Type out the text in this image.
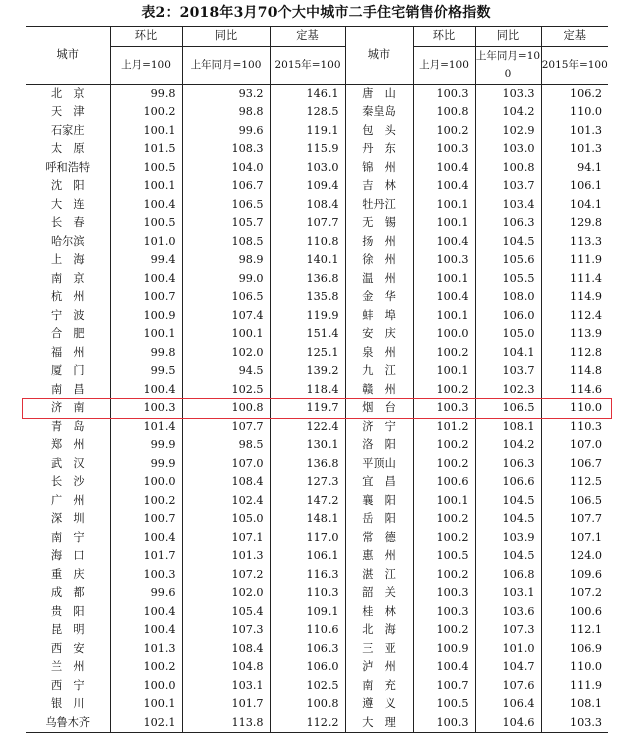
表2：2018年3月70个大中城市二手住宅销售价格指数
城市	环比	同比	定基	城市	环比	同比	定基
	上月=100	上年同月=100	2015年=100		上月=100	上年同月=10 0	2015年=100
北　京	99.8	93.2	146.1	唐　山	100.3	103.3	106.2
天　津	100.2	98.8	128.5	秦皇岛	100.8	104.2	110.0
石家庄	100.1	99.6	119.1	包　头	100.2	102.9	101.3
太　原	101.5	108.3	115.9	丹　东	100.3	103.0	101.3
呼和浩特	100.5	104.0	103.0	锦　州	100.4	100.8	94.1
沈　阳	100.1	106.7	109.4	吉　林	100.4	103.7	106.1
大　连	100.4	106.5	108.4	牡丹江	100.1	103.4	104.1
长　春	100.5	105.7	107.7	无　锡	100.1	106.3	129.8
哈尔滨	101.0	108.5	110.8	扬　州	100.4	104.5	113.3
上　海	99.4	98.9	140.1	徐　州	100.3	105.6	111.9
南　京	100.4	99.0	136.8	温　州	100.1	105.5	111.4
杭　州	100.7	106.5	135.8	金　华	100.4	108.0	114.9
宁　波	100.9	107.4	119.9	蚌　埠	100.1	106.0	112.4
合　肥	100.1	100.1	151.4	安　庆	100.0	105.0	113.9
福　州	99.8	102.0	125.1	泉　州	100.2	104.1	112.8
厦　门	99.5	94.5	139.2	九　江	100.1	103.7	114.8
南　昌	100.4	102.5	118.4	赣　州	100.2	102.3	114.6
济　南	100.3	100.8	119.7	烟　台	100.3	106.5	110.0
青　岛	101.4	107.7	122.4	济　宁	101.2	108.1	110.3
郑　州	99.9	98.5	130.1	洛　阳	100.2	104.2	107.0
武　汉	99.9	107.0	136.8	平顶山	100.2	106.3	106.7
长　沙	100.0	108.4	127.3	宜　昌	100.6	106.6	112.5
广　州	100.2	102.4	147.2	襄　阳	100.1	104.5	106.5
深　圳	100.7	105.0	148.1	岳　阳	100.2	104.5	107.7
南　宁	100.4	107.1	117.0	常　德	100.2	103.9	107.1
海　口	101.7	101.3	106.1	惠　州	100.5	104.5	124.0
重　庆	100.3	107.2	116.3	湛　江	100.2	106.8	109.6
成　都	99.6	102.0	110.3	韶　关	100.3	103.1	107.2
贵　阳	100.4	105.4	109.1	桂　林	100.3	103.6	100.6
昆　明	100.4	107.3	110.6	北　海	100.2	107.3	112.1
西　安	101.3	108.4	106.3	三　亚	100.9	101.0	106.9
兰　州	100.2	104.8	106.0	泸　州	100.4	104.7	110.0
西　宁	100.0	103.1	102.5	南　充	100.7	107.6	111.9
银　川	100.1	101.7	100.8	遵　义	100.5	106.4	108.1
乌鲁木齐	102.1	113.8	112.2	大　理	100.3	104.6	103.3
